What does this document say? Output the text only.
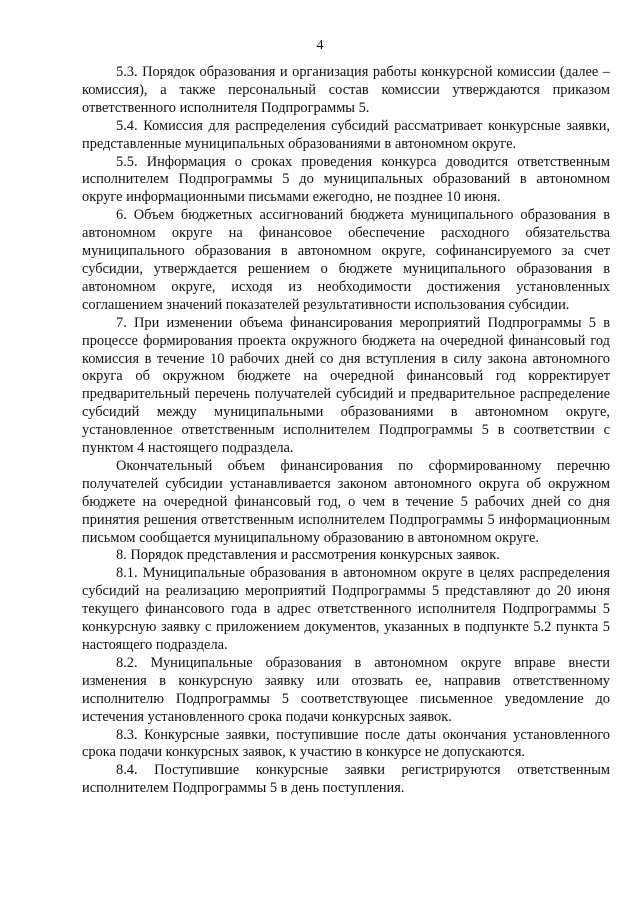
4

5.3. Порядок образования и организация работы конкурсной комиссии (далее – комиссия), а также персональный состав комиссии утверждаются приказом ответственного исполнителя Подпрограммы 5.

5.4. Комиссия для распределения субсидий рассматривает конкурсные заявки, представленные муниципальных образованиями в автономном округе.

5.5. Информация о сроках проведения конкурса доводится ответственным исполнителем Подпрограммы 5 до муниципальных образований в автономном округе информационными письмами ежегодно, не позднее 10 июня.

6. Объем бюджетных ассигнований бюджета муниципального образования в автономном округе на финансовое обеспечение расходного обязательства муниципального образования в автономном округе, софинансируемого за счет субсидии, утверждается решением о бюджете муниципального образования в автономном округе, исходя из необходимости достижения установленных соглашением значений показателей результативности использования субсидии.

7. При изменении объема финансирования мероприятий Подпрограммы 5 в процессе формирования проекта окружного бюджета на очередной финансовый год комиссия в течение 10 рабочих дней со дня вступления в силу закона автономного округа об окружном бюджете на очередной финансовый год корректирует предварительный перечень получателей субсидий и предварительное распределение субсидий между муниципальными образованиями в автономном округе, установленное ответственным исполнителем Подпрограммы 5 в соответствии с пунктом 4 настоящего подраздела.

Окончательный объем финансирования по сформированному перечню получателей субсидии устанавливается законом автономного округа об окружном бюджете на очередной финансовый год, о чем в течение 5 рабочих дней со дня принятия решения ответственным исполнителем Подпрограммы 5 информационным письмом сообщается муниципальному образованию в автономном округе.

8. Порядок представления и рассмотрения конкурсных заявок.

8.1. Муниципальные образования в автономном округе в целях распределения субсидий на реализацию мероприятий Подпрограммы 5 представляют до 20 июня текущего финансового года в адрес ответственного исполнителя Подпрограммы 5 конкурсную заявку с приложением документов, указанных в подпункте 5.2 пункта 5 настоящего подраздела.

8.2. Муниципальные образования в автономном округе вправе внести изменения в конкурсную заявку или отозвать ее, направив ответственному исполнителю Подпрограммы 5 соответствующее письменное уведомление до истечения установленного срока подачи конкурсных заявок.

8.3. Конкурсные заявки, поступившие после даты окончания установленного срока подачи конкурсных заявок, к участию в конкурсе не допускаются.

8.4. Поступившие конкурсные заявки регистрируются ответственным исполнителем Подпрограммы 5 в день поступления.
